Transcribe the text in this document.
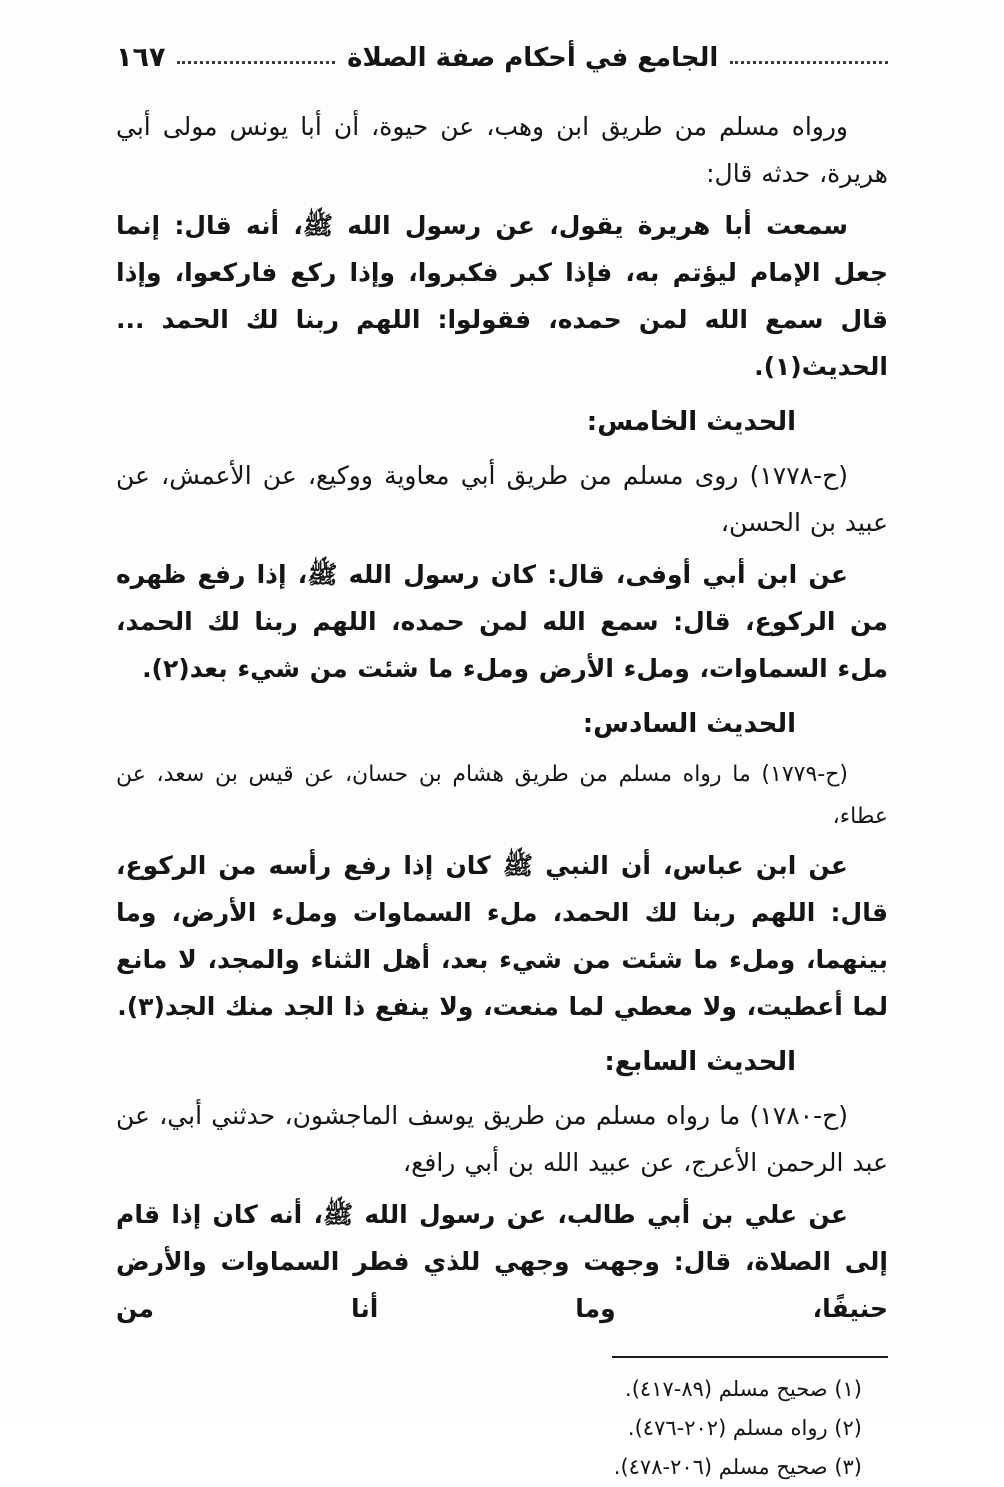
١٦٧	الجامع في أحكام صفة الصلاة

ورواه مسلم من طريق ابن وهب، عن حيوة، أن أبا يونس مولى أبي هريرة، حدثه قال:

سمعت أبا هريرة يقول، عن رسول الله ﷺ، أنه قال: إنما جعل الإمام ليؤتم به، فإذا كبر فكبروا، وإذا ركع فاركعوا، وإذا قال سمع الله لمن حمده، فقولوا: اللهم ربنا لك الحمد ... الحديث(١).

الحديث الخامس:

(ح-١٧٧٨) روى مسلم من طريق أبي معاوية ووكيع، عن الأعمش، عن عبيد بن الحسن،

عن ابن أبي أوفى، قال: كان رسول الله ﷺ، إذا رفع ظهره من الركوع، قال: سمع الله لمن حمده، اللهم ربنا لك الحمد، ملء السماوات، وملء الأرض وملء ما شئت من شيء بعد(٢).

الحديث السادس:

(ح-١٧٧٩) ما رواه مسلم من طريق هشام بن حسان، عن قيس بن سعد، عن عطاء،

عن ابن عباس، أن النبي ﷺ كان إذا رفع رأسه من الركوع، قال: اللهم ربنا لك الحمد، ملء السماوات وملء الأرض، وما بينهما، وملء ما شئت من شيء بعد، أهل الثناء والمجد، لا مانع لما أعطيت، ولا معطي لما منعت، ولا ينفع ذا الجد منك الجد(٣).

الحديث السابع:

(ح-١٧٨٠) ما رواه مسلم من طريق يوسف الماجشون، حدثني أبي، عن عبد الرحمن الأعرج، عن عبيد الله بن أبي رافع،

عن علي بن أبي طالب، عن رسول الله ﷺ، أنه كان إذا قام إلى الصلاة، قال: وجهت وجهي للذي فطر السماوات والأرض حنيفًا، وما أنا من

(١) صحيح مسلم (٨٩-٤١٧).
(٢) رواه مسلم (٢٠٢-٤٧٦).
(٣) صحيح مسلم (٢٠٦-٤٧٨).
